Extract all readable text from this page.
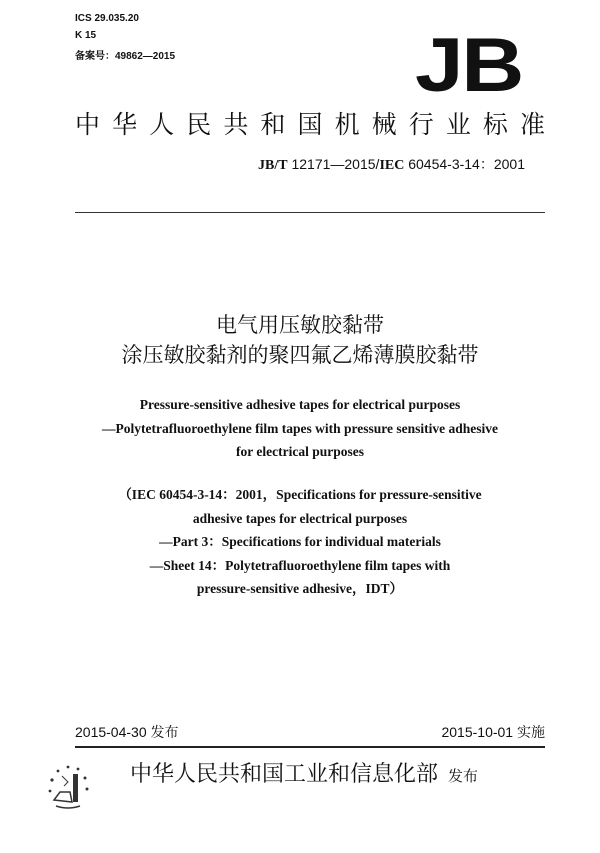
ICS 29.035.20
K 15
备案号：49862—2015	JB
中华人民共和国机械行业标准
JB/T 12171—2015/IEC 60454-3-14：2001
电气用压敏胶黏带
涂压敏胶黏剂的聚四氟乙烯薄膜胶黏带
Pressure-sensitive adhesive tapes for electrical purposes
—Polytetrafluoroethylene film tapes with pressure sensitive adhesive
for electrical purposes
（IEC 60454-3-14：2001，Specifications for pressure-sensitive
adhesive tapes for electrical purposes
—Part 3：Specifications for individual materials
—Sheet 14：Polytetrafluoroethylene film tapes with
pressure-sensitive adhesive，IDT）
2015-04-30 发布	2015-10-01 实施
中华人民共和国工业和信息化部 发布
